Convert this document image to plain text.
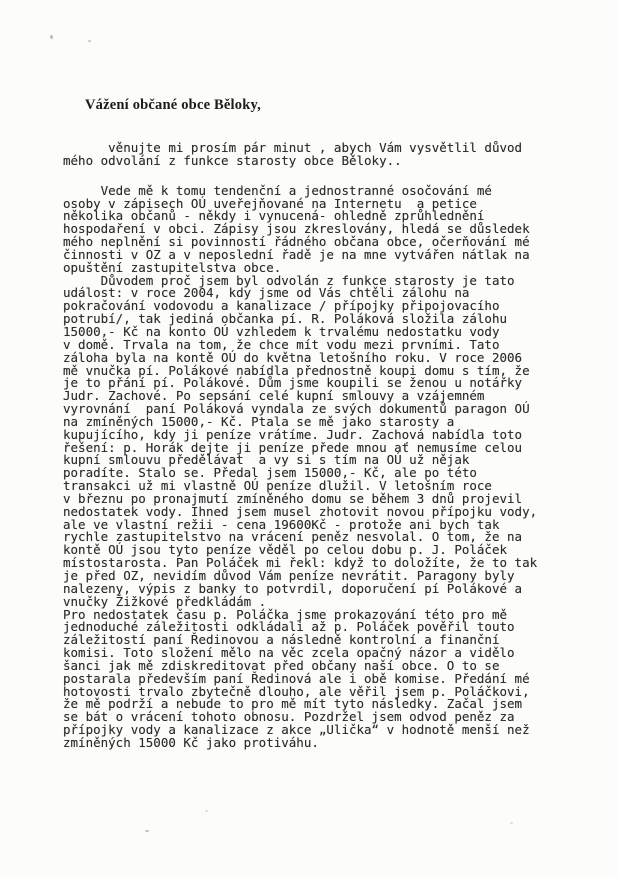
Vážení občané obce Běloky,
věnujte mi prosím pár minut , abych Vám vysvětlil důvod
mého odvolání z funkce starosty obce Běloky..
Vede mě k tomu tendenční a jednostranné osočování mé
osoby v zápisech OÚ uveřejňované na Internetu  a petice
několika občanů - někdy i vynucená- ohledně zprůhlednění
hospodaření v obci. Zápisy jsou zkreslovány, hledá se důsledek
mého neplnění si povinností řádného občana obce, očerňování mé
činnosti v OZ a v neposlední řadě je na mne vytvářen nátlak na
opuštění zastupitelstva obce.
Důvodem proč jsem byl odvolán z funkce starosty je tato
událost: v roce 2004, kdy jsme od Vás chtěli zálohu na
pokračování vodovodu a kanalizace / přípojky připojovacího
potrubí/, tak jediná občanka pí. R. Poláková složila zálohu
15000,- Kč na konto OÚ vzhledem k trvalému nedostatku vody
v domě. Trvala na tom, že chce mít vodu mezi prvními. Tato
záloha byla na kontě OÚ do května letošního roku. V roce 2006
mě vnučka pí. Polákové nabídla přednostně koupi domu s tím, že
je to přání pí. Polákové. Dům jsme koupili se ženou u notářky
Judr. Zachové. Po sepsání celé kupní smlouvy a vzájemném
vyrovnání  paní Poláková vyndala ze svých dokumentů paragon OÚ
na zmíněných 15000,- Kč. Ptala se mě jako starosty a
kupujícího, kdy ji peníze vrátíme. Judr. Zachová nabídla toto
řešení: p. Horák dejte ji peníze přede mnou ať nemusíme celou
kupní smlouvu předělávat  a vy si s tím na OÚ už nějak
poradíte. Stalo se. Předal jsem 15000,- Kč, ale po této
transakci už mi vlastně OÚ peníze dlužil. V letošním roce
v březnu po pronajmutí zmíněného domu se během 3 dnů projevil
nedostatek vody. Ihned jsem musel zhotovit novou přípojku vody,
ale ve vlastní režii - cena 19600Kč - protože ani bych tak
rychle zastupitelstvo na vrácení peněz nesvolal. O tom, že na
kontě OÚ jsou tyto peníze věděl po celou dobu p. J. Poláček
místostarosta. Pan Poláček mi řekl: když to doložíte, že to tak
je před OZ, nevidím důvod Vám peníze nevrátit. Paragony byly
nalezeny, výpis z banky to potvrdil, doporučení pí Polákové a
vnučky Žižkové předkládám .
Pro nedostatek času p. Poláčka jsme prokazování této pro mě
jednoduché záležitosti odkládali až p. Poláček pověřil touto
záležitostí paní Ředinovou a následně kontrolní a finanční
komisi. Toto složení mělo na věc zcela opačný názor a vidělo
šanci jak mě zdiskreditovat před občany naší obce. O to se
postarala především paní Ředinová ale i obě komise. Předání mé
hotovosti trvalo zbytečně dlouho, ale věřil jsem p. Poláčkovi,
že mě podrží a nebude to pro mě mít tyto následky. Začal jsem
se bát o vrácení tohoto obnosu. Pozdržel jsem odvod peněz za
přípojky vody a kanalizace z akce „Ulička“ v hodnotě menší než
zmíněných 15000 Kč jako protiváhu.
